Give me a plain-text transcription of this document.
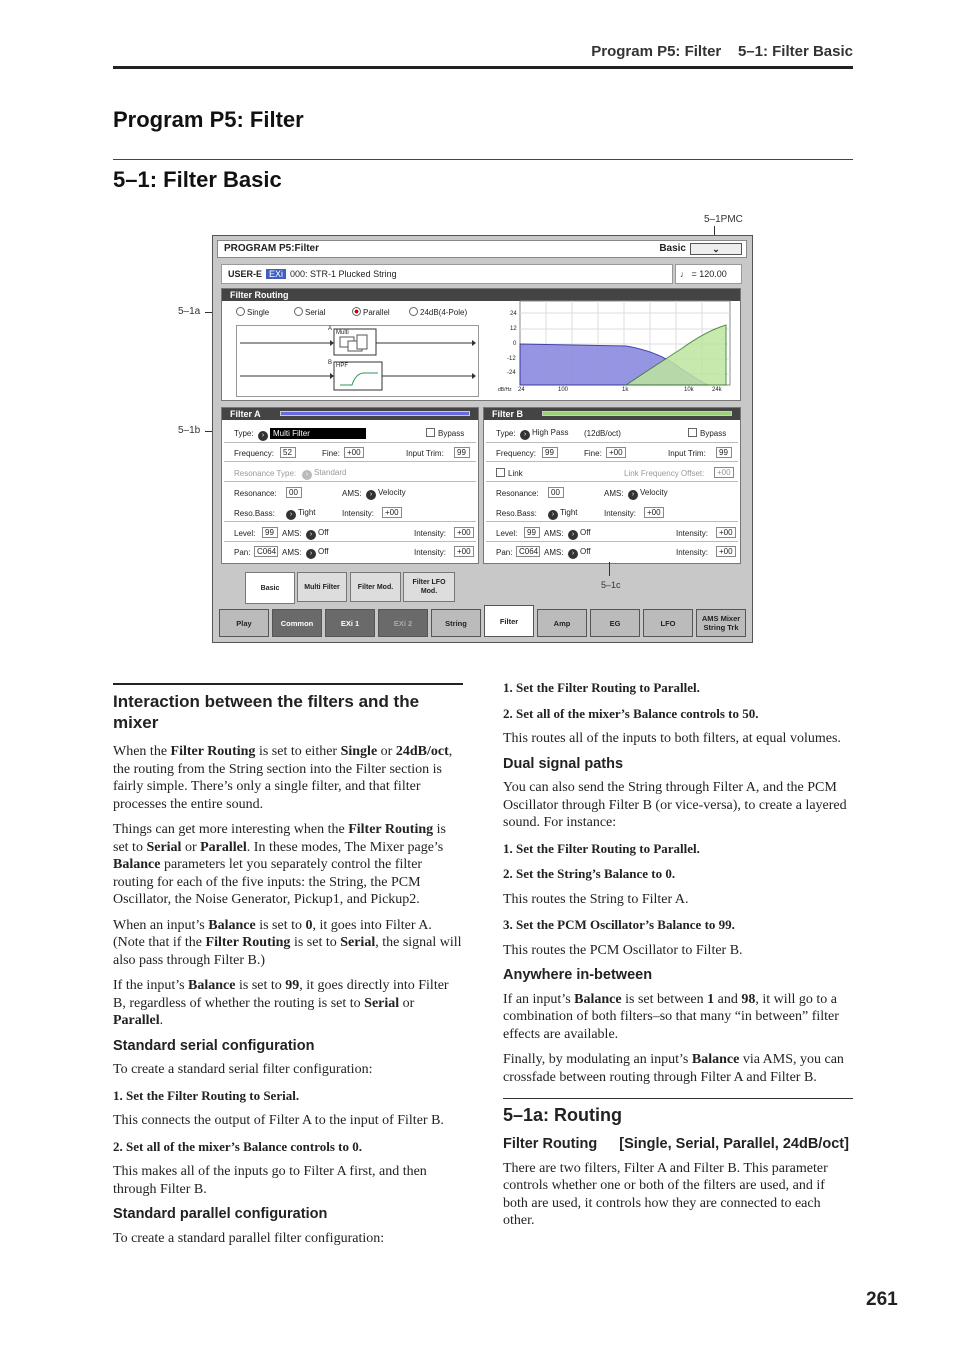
Program P5: Filter    5–1: Filter Basic
Program P5: Filter
5–1: Filter Basic
5–1PMC
5–1a
5–1b
PROGRAM P5:Filter	Basic	⌄
USER-E EXi 000: STR-1 Plucked String	♩ = 120.00
Filter Routing
Single	Serial	Parallel	24dB(4-Pole)
A
B
Multi
HPF
24
12
0
-12
-24
dB/Hz 24	100	1k	10k	24k
Filter A
Type:	› Multi Filter	Bypass
Frequency:	52	Fine: +00	Input Trim:	99
Resonance Type:	› Standard
Resonance:	00	AMS:	› Velocity
Reso.Bass:	› Tight	Intensity:	+00
Level:	99	AMS:	› Off	Intensity:	+00
Pan: C064 AMS:	› Off	Intensity:	+00
Filter B
Type:	› High Pass (12dB/oct)	Bypass
Frequency:	99	Fine: +00	Input Trim:	99
Link	Link Frequency Offset:	+00
Resonance:	00	AMS:	› Velocity
Reso.Bass:	› Tight	Intensity:	+00
Level:	99	AMS:	› Off	Intensity:	+00
Pan: C064 AMS:	› Off	Intensity:	+00
Basic	Multi Filter	Filter Mod.
Filter LFO Mod.
5–1c
Play	Common	EXi 1	EXi 2	String	Filter	Amp	EG	LFO	AMS Mixer String Trk
Interaction between the filters and the mixer

When the Filter Routing is set to either Single or 24dB/oct, the routing from the String section into the Filter section is fairly simple. There’s only a single filter, and that filter processes the entire sound.

Things can get more interesting when the Filter Routing is set to Serial or Parallel. In these modes, The Mixer page’s Balance parameters let you separately control the filter routing for each of the five inputs: the String, the PCM Oscillator, the Noise Generator, Pickup1, and Pickup2.

When an input’s Balance is set to 0, it goes into Filter A. (Note that if the Filter Routing is set to Serial, the signal will also pass through Filter B.)

If the input’s Balance is set to 99, it goes directly into Filter B, regardless of whether the routing is set to Serial or Parallel.

Standard serial configuration

To create a standard serial filter configuration:

1. Set the Filter Routing to Serial.

This connects the output of Filter A to the input of Filter B.

2. Set all of the mixer’s Balance controls to 0.

This makes all of the inputs go to Filter A first, and then through Filter B.

Standard parallel configuration

To create a standard parallel filter configuration:

1. Set the Filter Routing to Parallel.
2. Set all of the mixer’s Balance controls to 50.

This routes all of the inputs to both filters, at equal volumes.

Dual signal paths

You can also send the String through Filter A, and the PCM Oscillator through Filter B (or vice-versa), to create a layered sound. For instance:

1. Set the Filter Routing to Parallel.
2. Set the String’s Balance to 0.

This routes the String to Filter A.

3. Set the PCM Oscillator’s Balance to 99.

This routes the PCM Oscillator to Filter B.

Anywhere in-between

If an input’s Balance is set between 1 and 98, it will go to a combination of both filters–so that many “in between” filter effects are available.

Finally, by modulating an input’s Balance via AMS, you can crossfade between routing through Filter A and Filter B.

5–1a: Routing
Filter Routing [Single, Serial, Parallel, 24dB/oct]

There are two filters, Filter A and Filter B. This parameter controls whether one or both of the filters are used, and if both are used, it controls how they are connected to each other.

261
